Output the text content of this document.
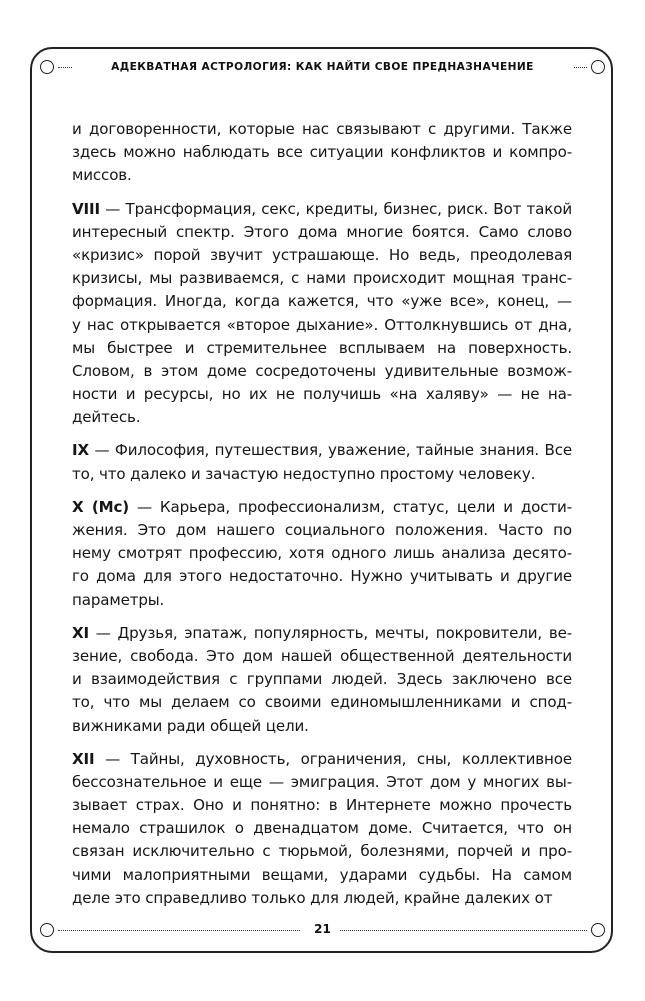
АДЕКВАТНАЯ АСТРОЛОГИЯ: КАК НАЙТИ СВОЕ ПРЕДНАЗНАЧЕНИЕ
и договоренности, которые нас связывают с другими. Также
здесь можно наблюдать все ситуации конфликтов и компро-
миссов.
VIII — Трансформация, секс, кредиты, бизнес, риск. Вот такой
интересный спектр. Этого дома многие боятся. Само слово
«кризис» порой звучит устрашающе. Но ведь, преодолевая
кризисы, мы развиваемся, с нами происходит мощная транс-
формация. Иногда, когда кажется, что «уже все», конец, —
у нас открывается «второе дыхание». Оттолкнувшись от дна,
мы быстрее и стремительнее всплываем на поверхность.
Словом, в этом доме сосредоточены удивительные возмож-
ности и ресурсы, но их не получишь «на халяву» — не на-
дейтесь.
IX — Философия, путешествия, уважение, тайные знания. Все
то, что далеко и зачастую недоступно простому человеку.
X (Mc) — Карьера, профессионализм, статус, цели и дости-
жения. Это дом нашего социального положения. Часто по
нему смотрят профессию, хотя одного лишь анализа десято-
го дома для этого недостаточно. Нужно учитывать и другие
параметры.
XI — Друзья, эпатаж, популярность, мечты, покровители, ве-
зение, свобода. Это дом нашей общественной деятельности
и взаимодействия с группами людей. Здесь заключено все
то, что мы делаем со своими единомышленниками и спод-
вижниками ради общей цели.
XII — Тайны, духовность, ограничения, сны, коллективное
бессознательное и еще — эмиграция. Этот дом у многих вы-
зывает страх. Оно и понятно: в Интернете можно прочесть
немало страшилок о двенадцатом доме. Считается, что он
связан исключительно с тюрьмой, болезнями, порчей и про-
чими малоприятными вещами, ударами судьбы. На самом
деле это справедливо только для людей, крайне далеких от
21
